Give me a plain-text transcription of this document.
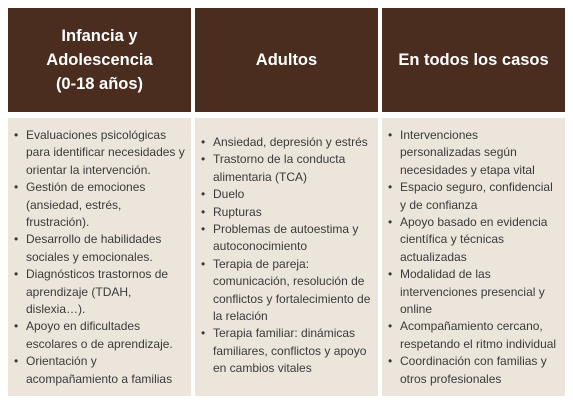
Infancia y
Adolescencia
(0-18 años)
• Evaluaciones psicológicas para identificar necesidades y orientar la intervención.
• Gestión de emociones (ansiedad, estrés, frustración).
• Desarrollo de habilidades sociales y emocionales.
• Diagnósticos trastornos de aprendizaje (TDAH, dislexia…).
• Apoyo en dificultades escolares o de aprendizaje.
• Orientación y acompañamiento a familias
Adultos
• Ansiedad, depresión y estrés
• Trastorno de la conducta alimentaria (TCA)
• Duelo
• Rupturas
• Problemas de autoestima y autoconocimiento
• Terapia de pareja: comunicación, resolución de conflictos y fortalecimiento de la relación
• Terapia familiar: dinámicas familiares, conflictos y apoyo en cambios vitales
En todos los casos
• Intervenciones personalizadas según necesidades y etapa vital
• Espacio seguro, confidencial y de confianza
• Apoyo basado en evidencia científica y técnicas actualizadas
• Modalidad de las intervenciones presencial y online
• Acompañamiento cercano, respetando el ritmo individual
• Coordinación con familias y otros profesionales
